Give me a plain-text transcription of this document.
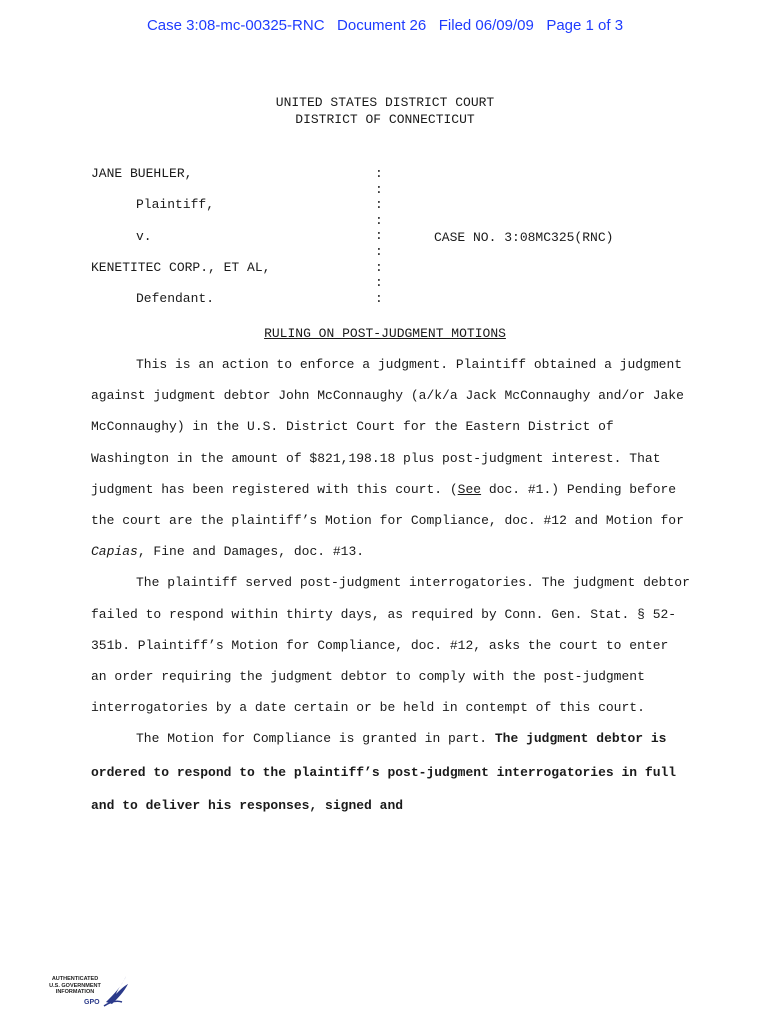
Case 3:08-mc-00325-RNC   Document 26   Filed 06/09/09   Page 1 of 3
UNITED STATES DISTRICT COURT
DISTRICT OF CONNECTICUT
JANE BUEHLER,
Plaintiff,
v.
KENETITEC CORP., ET AL,
Defendant.
:
:
:
:
:
:
:
:
:
CASE NO. 3:08MC325(RNC)
RULING ON POST-JUDGMENT MOTIONS

This is an action to enforce a judgment. Plaintiff obtained a judgment against judgment debtor John McConnaughy (a/k/a Jack McConnaughy and/or Jake McConnaughy) in the U.S. District Court for the Eastern District of Washington in the amount of $821,198.18 plus post-judgment interest. That judgment has been registered with this court. (See doc. #1.) Pending before the court are the plaintiff’s Motion for Compliance, doc. #12 and Motion for Capias, Fine and Damages, doc. #13.

The plaintiff served post-judgment interrogatories. The judgment debtor failed to respond within thirty days, as required by Conn. Gen. Stat. § 52-351b. Plaintiff’s Motion for Compliance, doc. #12, asks the court to enter an order requiring the judgment debtor to comply with the post-judgment interrogatories by a date certain or be held in contempt of this court.

The Motion for Compliance is granted in part. The judgment debtor is ordered to respond to the plaintiff’s post-judgment interrogatories in full and to deliver his responses, signed and

AUTHENTICATED
U.S. GOVERNMENT
INFORMATION
GPO
